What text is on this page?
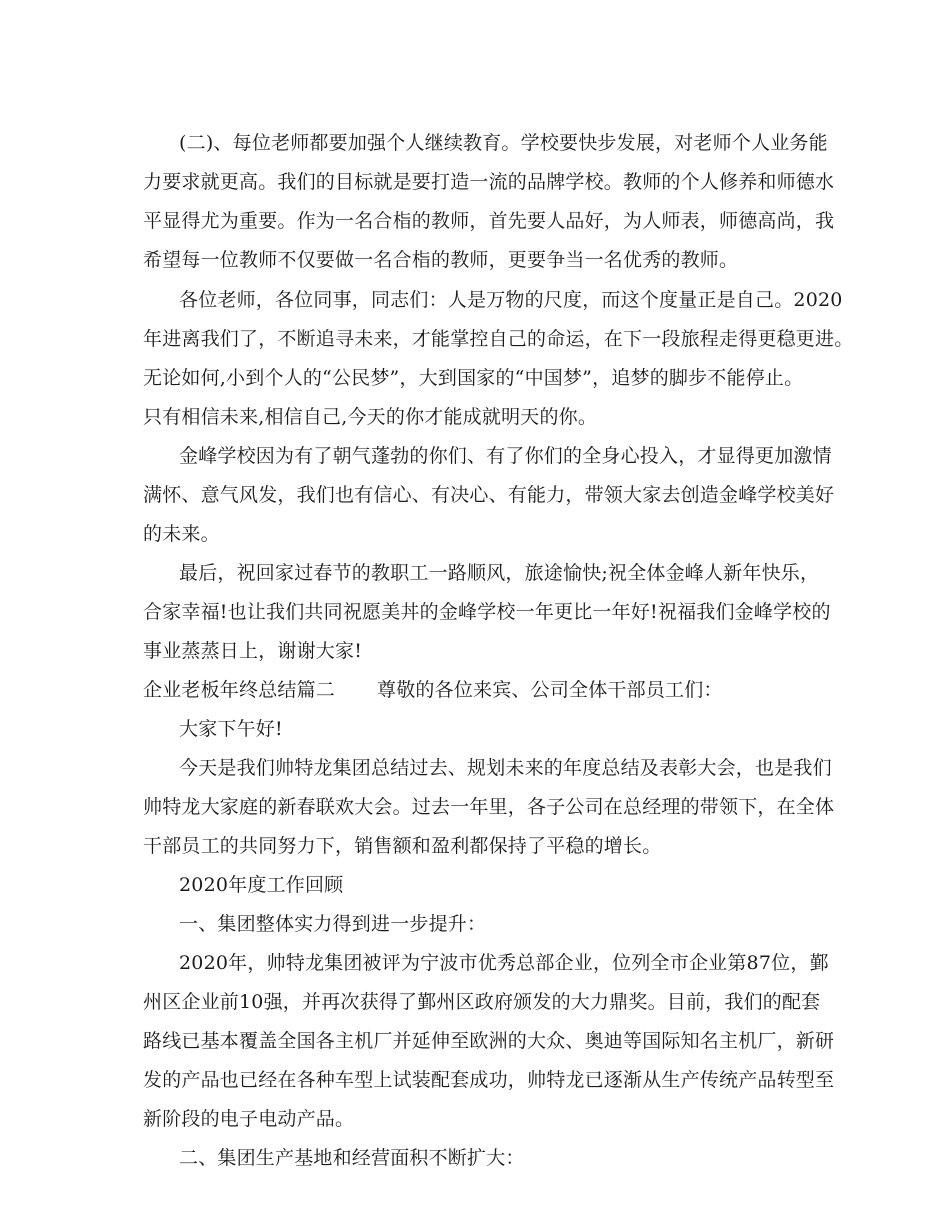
(二)、每位老师都要加强个人继续教育。学校要快步发展，对老师个人业务能
力要求就更高。我们的目标就是要打造一流的品牌学校。教师的个人修养和师德水
平显得尤为重要。作为一名合栺的教师，首先要人品好，为人师表，师德高尚，我
希望每一位教师不仅要做一名合栺的教师，更要争当一名优秀的教师。
各位老师，各位同事，同志们：人是万物的尺度，而这个度量正是自己。2020
年进离我们了，不断追寻未来，才能掌控自己的命运，在下一段旅程走得更稳更进。
无论如何,小到个人的“公民梦”，大到国家的“中国梦”，追梦的脚步不能停止。
只有相信未来,相信自己,今天的你才能成就明天的你。
金峰学校因为有了朝气蓬勃的你们、有了你们的全身心投入，才显得更加激情
满怀、意气风发，我们也有信心、有决心、有能力，带领大家去创造金峰学校美好
的未来。
最后，祝回家过春节的教职工一路顺风，旅途愉快;祝全体金峰人新年快乐，
合家幸福!也让我们共同祝愿美丼的金峰学校一年更比一年好!祝福我们金峰学校的
事业蒸蒸日上，谢谢大家!
企业老板年终总结篇二 尊敬的各位来宾、公司全体干部员工们：
大家下午好!
今天是我们帅特龙集团总结过去、规划未来的年度总结及表彰大会，也是我们
帅特龙大家庭的新春联欢大会。过去一年里，各子公司在总经理的带领下，在全体
干部员工的共同努力下，销售额和盈利都保持了平稳的增长。
2020年度工作回顾
一、集团整体实力得到进一步提升：
2020年，帅特龙集团被评为宁波市优秀总部企业，位列全市企业第87位，鄞
州区企业前10强，并再次获得了鄞州区政府颁发的大力鼎奖。目前，我们的配套
路线已基本覆盖全国各主机厂并延伸至欧洲的大众、奥迪等国际知名主机厂，新研
发的产品也已经在各种车型上试装配套成功，帅特龙已逐渐从生产传统产品转型至
新阶段的电子电动产品。
二、集团生产基地和经营面积不断扩大：
